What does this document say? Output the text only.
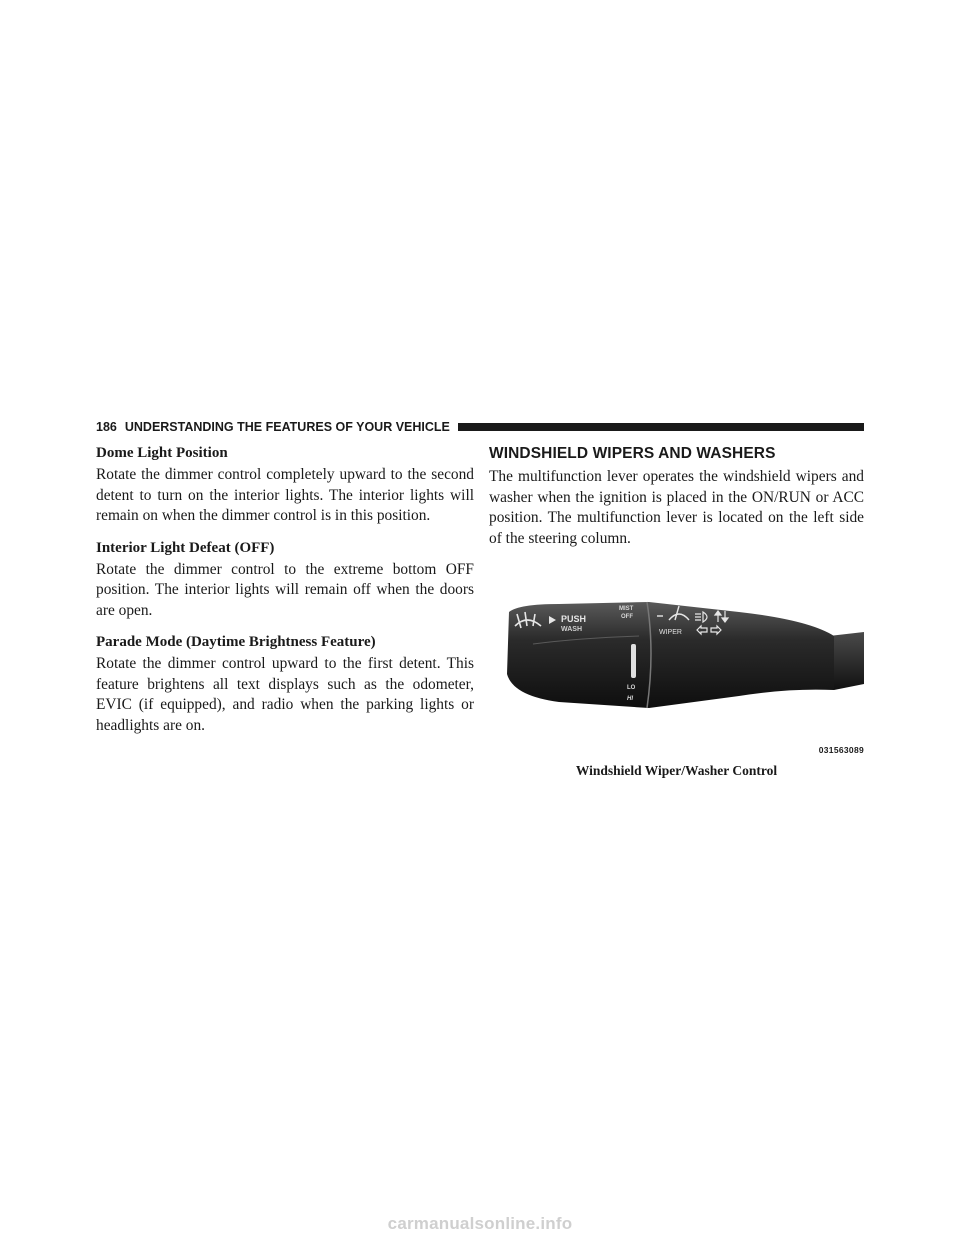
186 UNDERSTANDING THE FEATURES OF YOUR VEHICLE
Dome Light Position

Rotate the dimmer control completely upward to the second detent to turn on the interior lights. The interior lights will remain on when the dimmer control is in this position.

Interior Light Defeat (OFF)

Rotate the dimmer control to the extreme bottom OFF position. The interior lights will remain off when the doors are open.

Parade Mode (Daytime Brightness Feature)

Rotate the dimmer control upward to the first detent. This feature brightens all text displays such as the odometer, EVIC (if equipped), and radio when the parking lights or headlights are on.

WINDSHIELD WIPERS AND WASHERS

The multifunction lever operates the windshield wipers and washer when the ignition is placed in the ON/RUN or ACC position. The multifunction lever is located on the left side of the steering column.

PUSH
WASH
MIST
OFF
LO
HI
WIPER
031563089
Windshield Wiper/Washer Control
carmanualsonline.info
